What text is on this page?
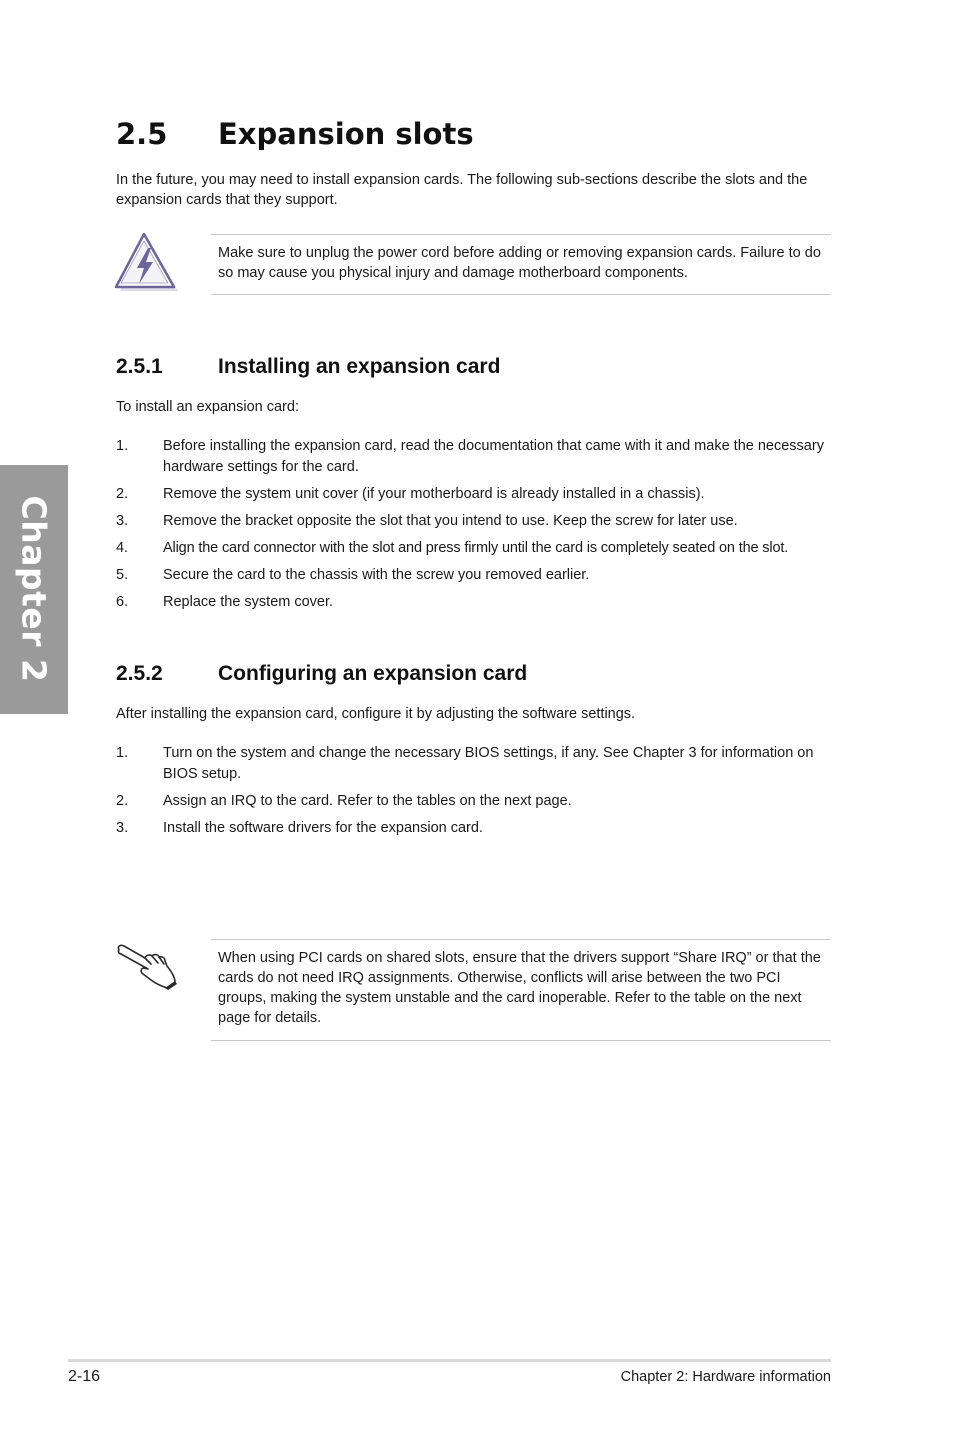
Chapter 2
2.5 Expansion slots

In the future, you may need to install expansion cards. The following sub-sections describe the slots and the expansion cards that they support.

Make sure to unplug the power cord before adding or removing expansion cards. Failure to do so may cause you physical injury and damage motherboard components.
2.5.1	Installing an expansion card

To install an expansion card:

1. Before installing the expansion card, read the documentation that came with it and make the necessary hardware settings for the card.
2. Remove the system unit cover (if your motherboard is already installed in a chassis).
3. Remove the bracket opposite the slot that you intend to use. Keep the screw for later use.
4. Align the card connector with the slot and press firmly until the card is completely seated on the slot.
5. Secure the card to the chassis with the screw you removed earlier.
6. Replace the system cover.
2.5.2	Configuring an expansion card

After installing the expansion card, configure it by adjusting the software settings.

1. Turn on the system and change the necessary BIOS settings, if any. See Chapter 3 for information on BIOS setup.
2. Assign an IRQ to the card. Refer to the tables on the next page.
3. Install the software drivers for the expansion card.
When using PCI cards on shared slots, ensure that the drivers support “Share IRQ” or that the cards do not need IRQ assignments. Otherwise, conflicts will arise between the two PCI groups, making the system unstable and the card inoperable. Refer to the table on the next page for details.
2-16	Chapter 2: Hardware information
